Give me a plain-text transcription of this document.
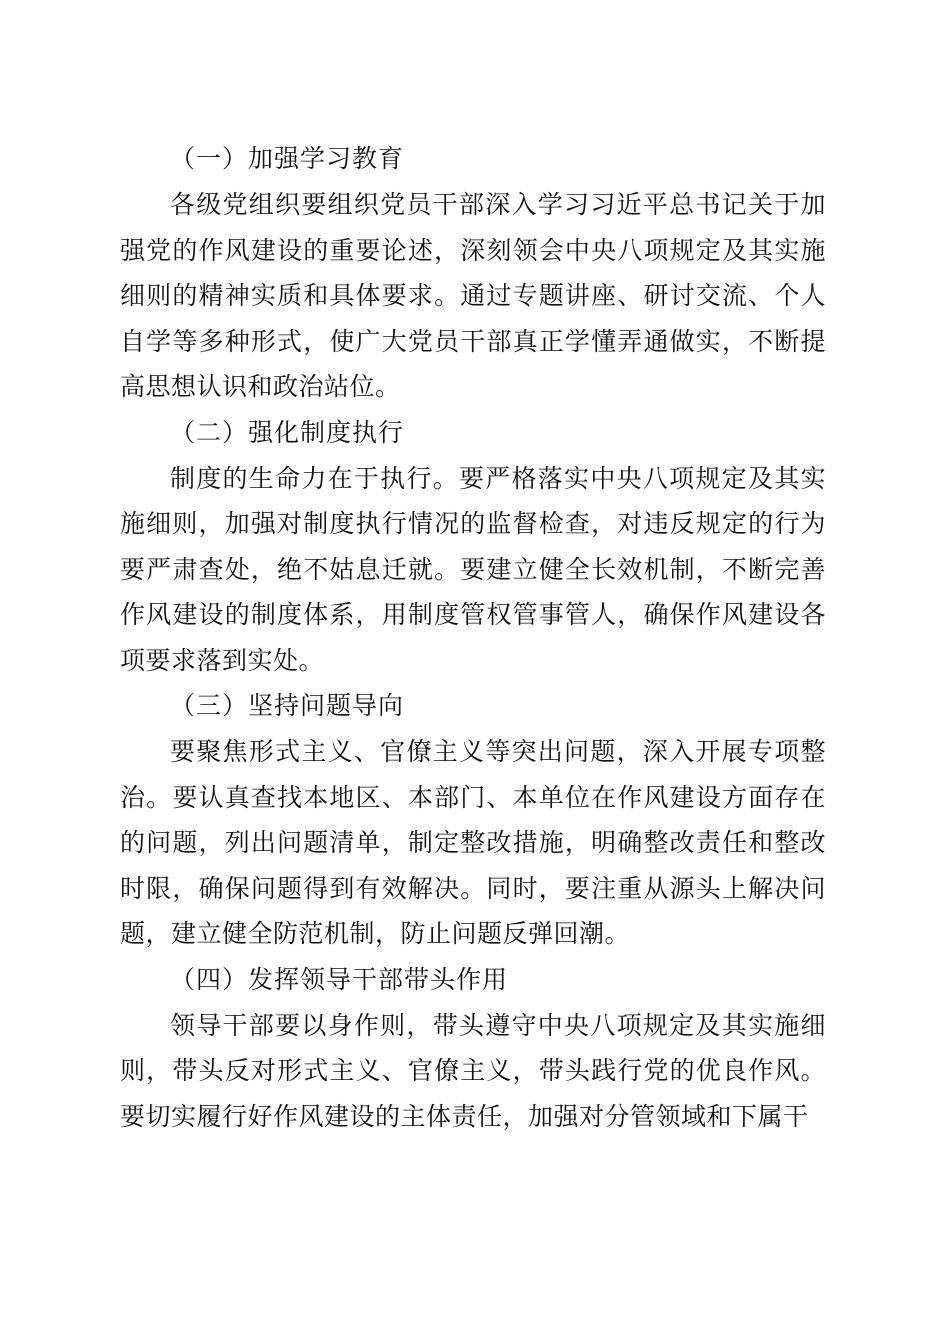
（一）加强学习教育

各级党组织要组织党员干部深入学习习近平总书记关于加强党的作风建设的重要论述，深刻领会中央八项规定及其实施细则的精神实质和具体要求。通过专题讲座、研讨交流、个人自学等多种形式，使广大党员干部真正学懂弄通做实，不断提高思想认识和政治站位。

（二）强化制度执行

制度的生命力在于执行。要严格落实中央八项规定及其实施细则，加强对制度执行情况的监督检查，对违反规定的行为要严肃查处，绝不姑息迁就。要建立健全长效机制，不断完善作风建设的制度体系，用制度管权管事管人，确保作风建设各项要求落到实处。

（三）坚持问题导向

要聚焦形式主义、官僚主义等突出问题，深入开展专项整治。要认真查找本地区、本部门、本单位在作风建设方面存在的问题，列出问题清单，制定整改措施，明确整改责任和整改时限，确保问题得到有效解决。同时，要注重从源头上解决问题，建立健全防范机制，防止问题反弹回潮。

（四）发挥领导干部带头作用

领导干部要以身作则，带头遵守中央八项规定及其实施细则，带头反对形式主义、官僚主义，带头践行党的优良作风。要切实履行好作风建设的主体责任，加强对分管领域和下属干
